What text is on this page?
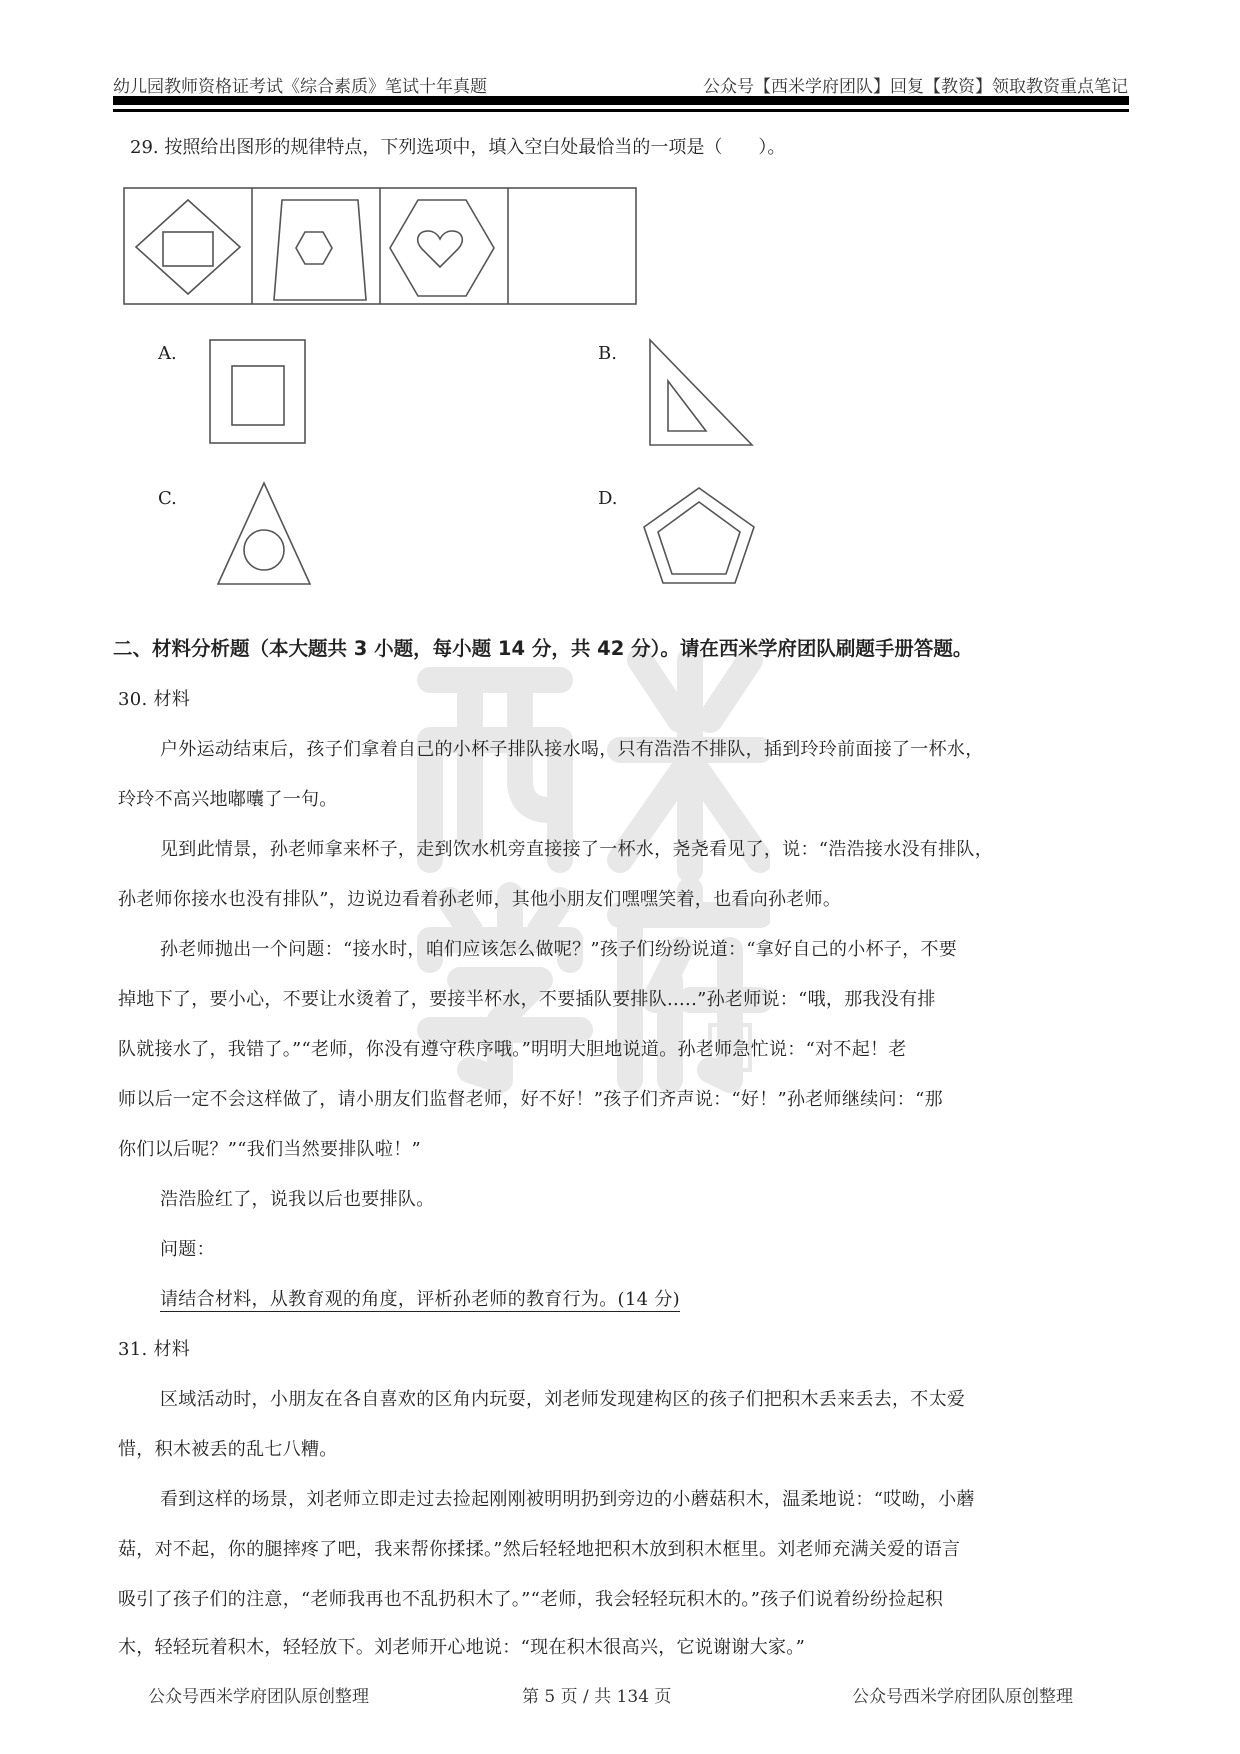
幼儿园教师资格证考试《综合素质》笔试十年真题	公众号【西米学府团队】回复【教资】领取教资重点笔记
29. 按照给出图形的规律特点，下列选项中，填入空白处最恰当的一项是（　　）。
A.	B.
C.	D.
二、材料分析题（本大题共 3 小题，每小题 14 分，共 42 分）。请在西米学府团队刷题手册答题。
30. 材料
户外运动结束后，孩子们拿着自己的小杯子排队接水喝，只有浩浩不排队，插到玲玲前面接了一杯水，
玲玲不高兴地嘟囔了一句。
见到此情景，孙老师拿来杯子，走到饮水机旁直接接了一杯水，尧尧看见了，说：“浩浩接水没有排队，
孙老师你接水也没有排队”，边说边看着孙老师，其他小朋友们嘿嘿笑着，也看向孙老师。
孙老师抛出一个问题：“接水时，咱们应该怎么做呢？”孩子们纷纷说道：“拿好自己的小杯子，不要
掉地下了，要小心，不要让水烫着了，要接半杯水，不要插队要排队.....”孙老师说：“哦，那我没有排
队就接水了，我错了。”“老师，你没有遵守秩序哦。”明明大胆地说道。孙老师急忙说：“对不起！老
师以后一定不会这样做了，请小朋友们监督老师，好不好！”孩子们齐声说：“好！”孙老师继续问：“那
你们以后呢？”“我们当然要排队啦！”
浩浩脸红了，说我以后也要排队。
问题：
请结合材料，从教育观的角度，评析孙老师的教育行为。(14 分)
31. 材料
区域活动时，小朋友在各自喜欢的区角内玩耍，刘老师发现建构区的孩子们把积木丢来丢去，不太爱
惜，积木被丢的乱七八糟。
看到这样的场景，刘老师立即走过去捡起刚刚被明明扔到旁边的小蘑菇积木，温柔地说：“哎呦，小蘑
菇，对不起，你的腿摔疼了吧，我来帮你揉揉。”然后轻轻地把积木放到积木框里。刘老师充满关爱的语言
吸引了孩子们的注意，“老师我再也不乱扔积木了。”“老师，我会轻轻玩积木的。”孩子们说着纷纷捡起积
木，轻轻玩着积木，轻轻放下。刘老师开心地说：“现在积木很高兴，它说谢谢大家。”
公众号西米学府团队原创整理	第 5 页 / 共 134 页	公众号西米学府团队原创整理
